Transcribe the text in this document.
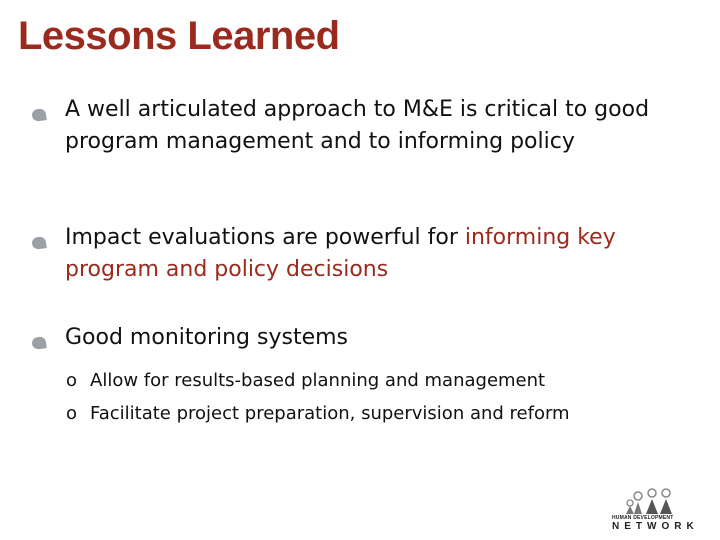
Lessons Learned
A well articulated approach to M&E is critical to good program management and to informing policy
Impact evaluations are powerful for informing key program and policy decisions
Good monitoring systems
o Allow for results-based planning and management
o Facilitate project preparation, supervision and reform
HUMAN DEVELOPMENT
NETWORK
